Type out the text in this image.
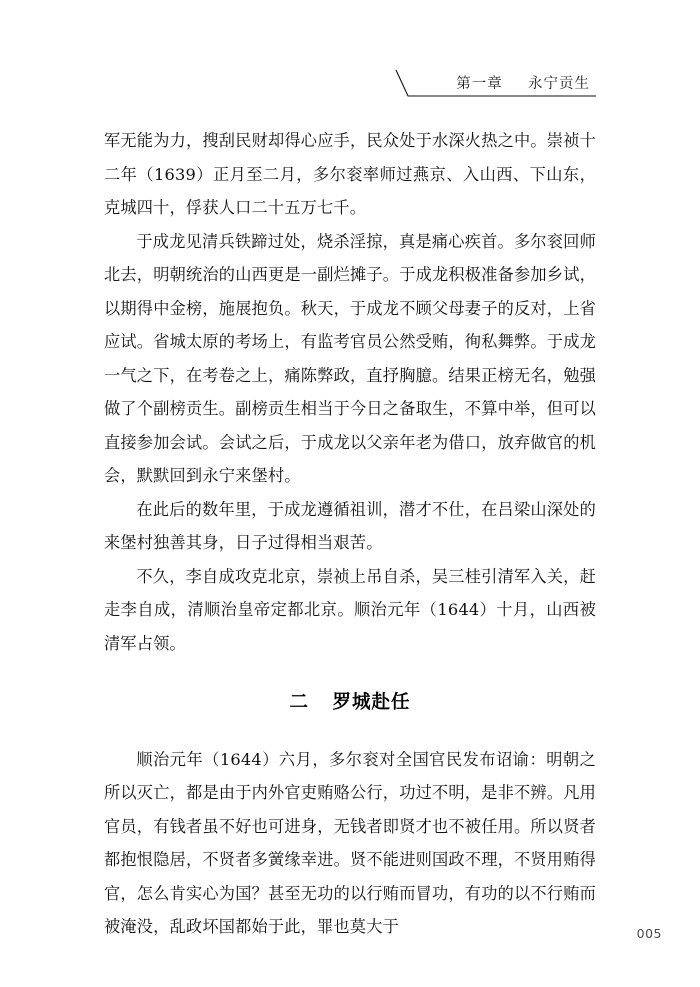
第一章 永宁贡生

军无能为力，搜刮民财却得心应手，民众处于水深火热之中。崇祯十二年（1639）正月至二月，多尔衮率师过燕京、入山西、下山东，克城四十，俘获人口二十五万七千。

于成龙见清兵铁蹄过处，烧杀淫掠，真是痛心疾首。多尔衮回师北去，明朝统治的山西更是一副烂摊子。于成龙积极准备参加乡试，以期得中金榜，施展抱负。秋天，于成龙不顾父母妻子的反对，上省应试。省城太原的考场上，有监考官员公然受贿，徇私舞弊。于成龙一气之下，在考卷之上，痛陈弊政，直抒胸臆。结果正榜无名，勉强做了个副榜贡生。副榜贡生相当于今日之备取生，不算中举，但可以直接参加会试。会试之后，于成龙以父亲年老为借口，放弃做官的机会，默默回到永宁来堡村。

在此后的数年里，于成龙遵循祖训，潜才不仕，在吕梁山深处的来堡村独善其身，日子过得相当艰苦。

不久，李自成攻克北京，崇祯上吊自杀，吴三桂引清军入关，赶走李自成，清顺治皇帝定都北京。顺治元年（1644）十月，山西被清军占领。

二 罗城赴任

顺治元年（1644）六月，多尔衮对全国官民发布诏谕：明朝之所以灭亡，都是由于内外官吏贿赂公行，功过不明，是非不辨。凡用官员，有钱者虽不好也可进身，无钱者即贤才也不被任用。所以贤者都抱恨隐居，不贤者多黉缘幸进。贤不能进则国政不理，不贤用贿得官，怎么肯实心为国？甚至无功的以行贿而冒功，有功的以不行贿而被淹没，乱政坏国都始于此，罪也莫大于	005
